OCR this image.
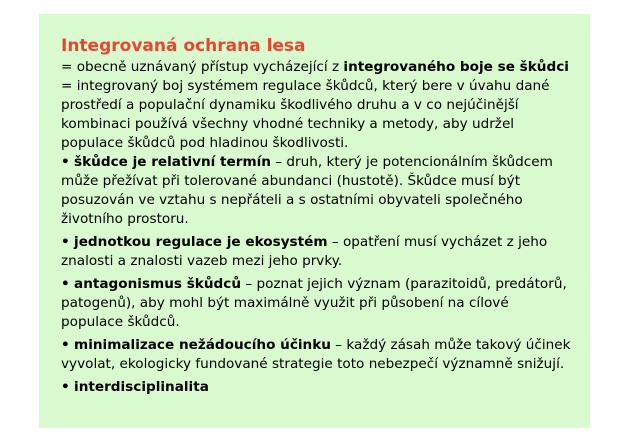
Integrovaná ochrana lesa

= obecně uznávaný přístup vycházející z integrovaného boje se škůdci

= integrovaný boj systémem regulace škůdců, který bere v úvahu dané prostředí a populační dynamiku škodlivého druhu a v co nejúčinější kombinaci používá všechny vhodné techniky a metody, aby udržel populace škůdců pod hladinou škodlivosti.

• škůdce je relativní termín – druh, který je potencionálním škůdcem může přežívat při tolerované abundanci (hustotě). Škůdce musí být posuzován ve vztahu s nepřáteli a s ostatními obyvateli společného životního prostoru.
• jednotkou regulace je ekosystém – opatření musí vycházet z jeho znalosti a znalosti vazeb mezi jeho prvky.
• antagonismus škůdců – poznat jejich význam (parazitoidů, predátorů, patogenů), aby mohl být maximálně využit při působení na cílové populace škůdců.
• minimalizace nežádoucího účinku – každý zásah může takový účinek vyvolat, ekologicky fundované strategie toto nebezpečí významně snižují.
• interdisciplinalita
